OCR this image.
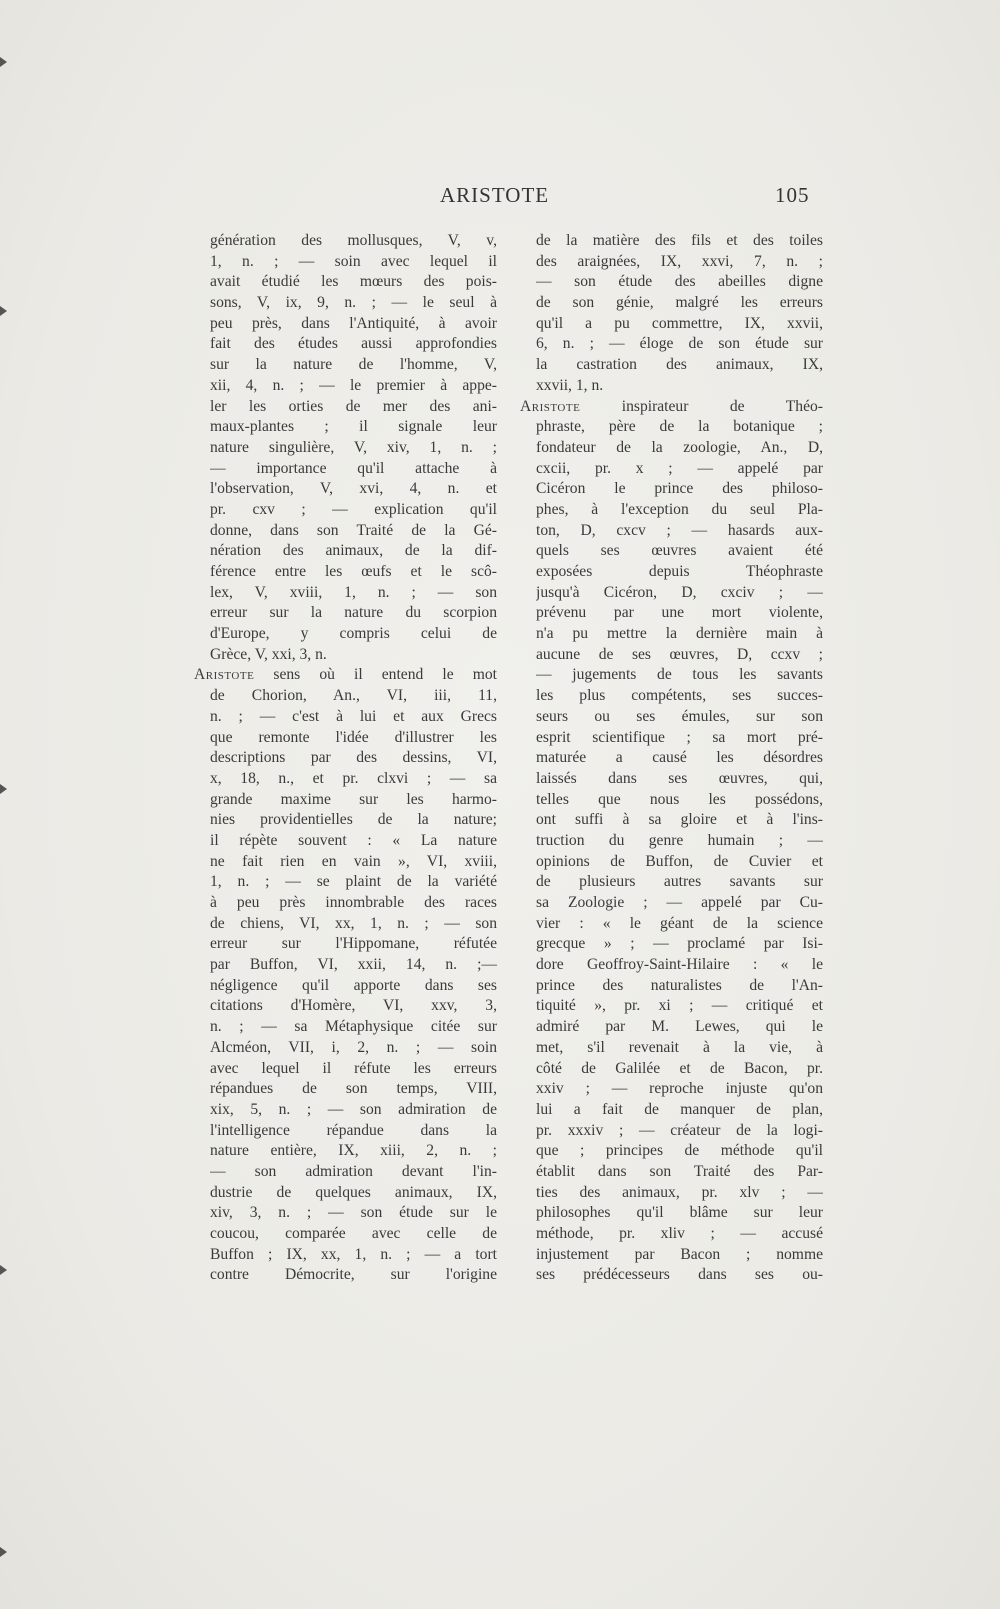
ARISTOTE	105
génération des mollusques, V, v,
1, n. ; — soin avec lequel il
avait étudié les mœurs des pois-
sons, V, ix, 9, n. ; — le seul à
peu près, dans l'Antiquité, à avoir
fait des études aussi approfondies
sur la nature de l'homme, V,
xii, 4, n. ; — le premier à appe-
ler les orties de mer des ani-
maux-plantes ; il signale leur
nature singulière, V, xiv, 1, n. ;
— importance qu'il attache à
l'observation, V, xvi, 4, n. et
pr. cxv ; — explication qu'il
donne, dans son Traité de la Gé-
nération des animaux, de la dif-
férence entre les œufs et le scô-
lex, V, xviii, 1, n. ; — son
erreur sur la nature du scorpion
d'Europe, y compris celui de
Grèce, V, xxi, 3, n.
Aristote sens où il entend le mot
de Chorion, An., VI, iii, 11,
n. ; — c'est à lui et aux Grecs
que remonte l'idée d'illustrer les
descriptions par des dessins, VI,
x, 18, n., et pr. clxvi ; — sa
grande maxime sur les harmo-
nies providentielles de la nature;
il répète souvent : « La nature
ne fait rien en vain », VI, xviii,
1, n. ; — se plaint de la variété
à peu près innombrable des races
de chiens, VI, xx, 1, n. ; — son
erreur sur l'Hippomane, réfutée
par Buffon, VI, xxii, 14, n. ;—
négligence qu'il apporte dans ses
citations d'Homère, VI, xxv, 3,
n. ; — sa Métaphysique citée sur
Alcméon, VII, i, 2, n. ; — soin
avec lequel il réfute les erreurs
répandues de son temps, VIII,
xix, 5, n. ; — son admiration de
l'intelligence répandue dans la
nature entière, IX, xiii, 2, n. ;
— son admiration devant l'in-
dustrie de quelques animaux, IX,
xiv, 3, n. ; — son étude sur le
coucou, comparée avec celle de
Buffon ; IX, xx, 1, n. ; — a tort
contre Démocrite, sur l'origine
de la matière des fils et des toiles
des araignées, IX, xxvi, 7, n. ;
— son étude des abeilles digne
de son génie, malgré les erreurs
qu'il a pu commettre, IX, xxvii,
6, n. ; — éloge de son étude sur
la castration des animaux, IX,
xxvii, 1, n.
Aristote inspirateur de Théo-
phraste, père de la botanique ;
fondateur de la zoologie, An., D,
cxcii, pr. x ; — appelé par
Cicéron le prince des philoso-
phes, à l'exception du seul Pla-
ton, D, cxcv ; — hasards aux-
quels ses œuvres avaient été
exposées depuis Théophraste
jusqu'à Cicéron, D, cxciv ; —
prévenu par une mort violente,
n'a pu mettre la dernière main à
aucune de ses œuvres, D, ccxv ;
— jugements de tous les savants
les plus compétents, ses succes-
seurs ou ses émules, sur son
esprit scientifique ; sa mort pré-
maturée a causé les désordres
laissés dans ses œuvres, qui,
telles que nous les possédons,
ont suffi à sa gloire et à l'ins-
truction du genre humain ; —
opinions de Buffon, de Cuvier et
de plusieurs autres savants sur
sa Zoologie ; — appelé par Cu-
vier : « le géant de la science
grecque » ; — proclamé par Isi-
dore Geoffroy-Saint-Hilaire : « le
prince des naturalistes de l'An-
tiquité », pr. xi ; — critiqué et
admiré par M. Lewes, qui le
met, s'il revenait à la vie, à
côté de Galilée et de Bacon, pr.
xxiv ; — reproche injuste qu'on
lui a fait de manquer de plan,
pr. xxxiv ; — créateur de la logi-
que ; principes de méthode qu'il
établit dans son Traité des Par-
ties des animaux, pr. xlv ; —
philosophes qu'il blâme sur leur
méthode, pr. xliv ; — accusé
injustement par Bacon ; nomme
ses prédécesseurs dans ses ou-
